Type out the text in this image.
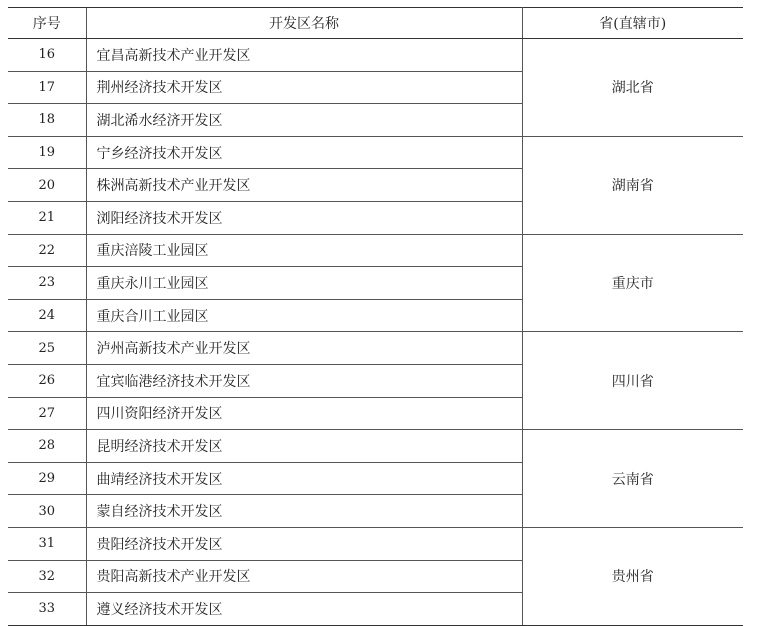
序号	开发区名称	省(直辖市)
16	宜昌高新技术产业开发区	湖北省
17	荆州经济技术开发区	
18	湖北浠水经济开发区	
19	宁乡经济技术开发区	湖南省
20	株洲高新技术产业开发区	
21	浏阳经济技术开发区	
22	重庆涪陵工业园区	重庆市
23	重庆永川工业园区	
24	重庆合川工业园区	
25	泸州高新技术产业开发区	四川省
26	宜宾临港经济技术开发区	
27	四川资阳经济开发区	
28	昆明经济技术开发区	云南省
29	曲靖经济技术开发区	
30	蒙自经济技术开发区	
31	贵阳经济技术开发区	贵州省
32	贵阳高新技术产业开发区	
33	遵义经济技术开发区	
